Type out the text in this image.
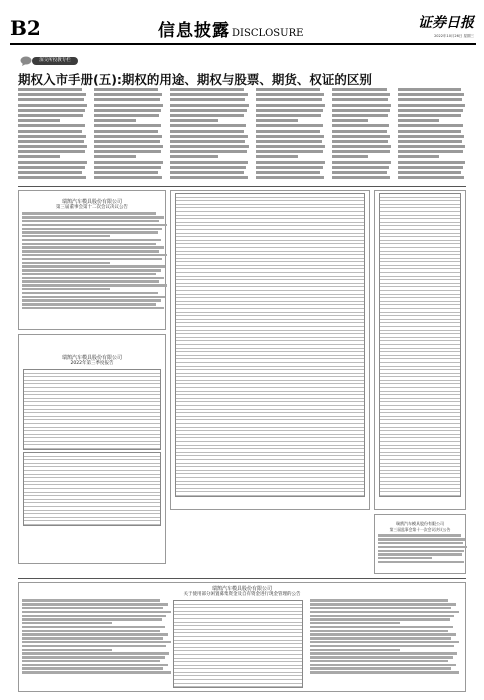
B2	信息披露 DISCLOSURE
证券日报
2022年10月26日 星期三
深交所投教专栏
期权入市手册(五):期权的用途、期权与股票、期货、权证的区别
瑞鹄汽车模具股份有限公司
第三届董事会第十二次会议决议公告
瑞鹄汽车模具股份有限公司
2022年第三季度报告
瑞鹄汽车模具股份有限公司
第三届监事会第十一次会议决议公告
瑞鹄汽车模具股份有限公司
关于使用部分闲置募集资金及自有资金进行现金管理的公告
